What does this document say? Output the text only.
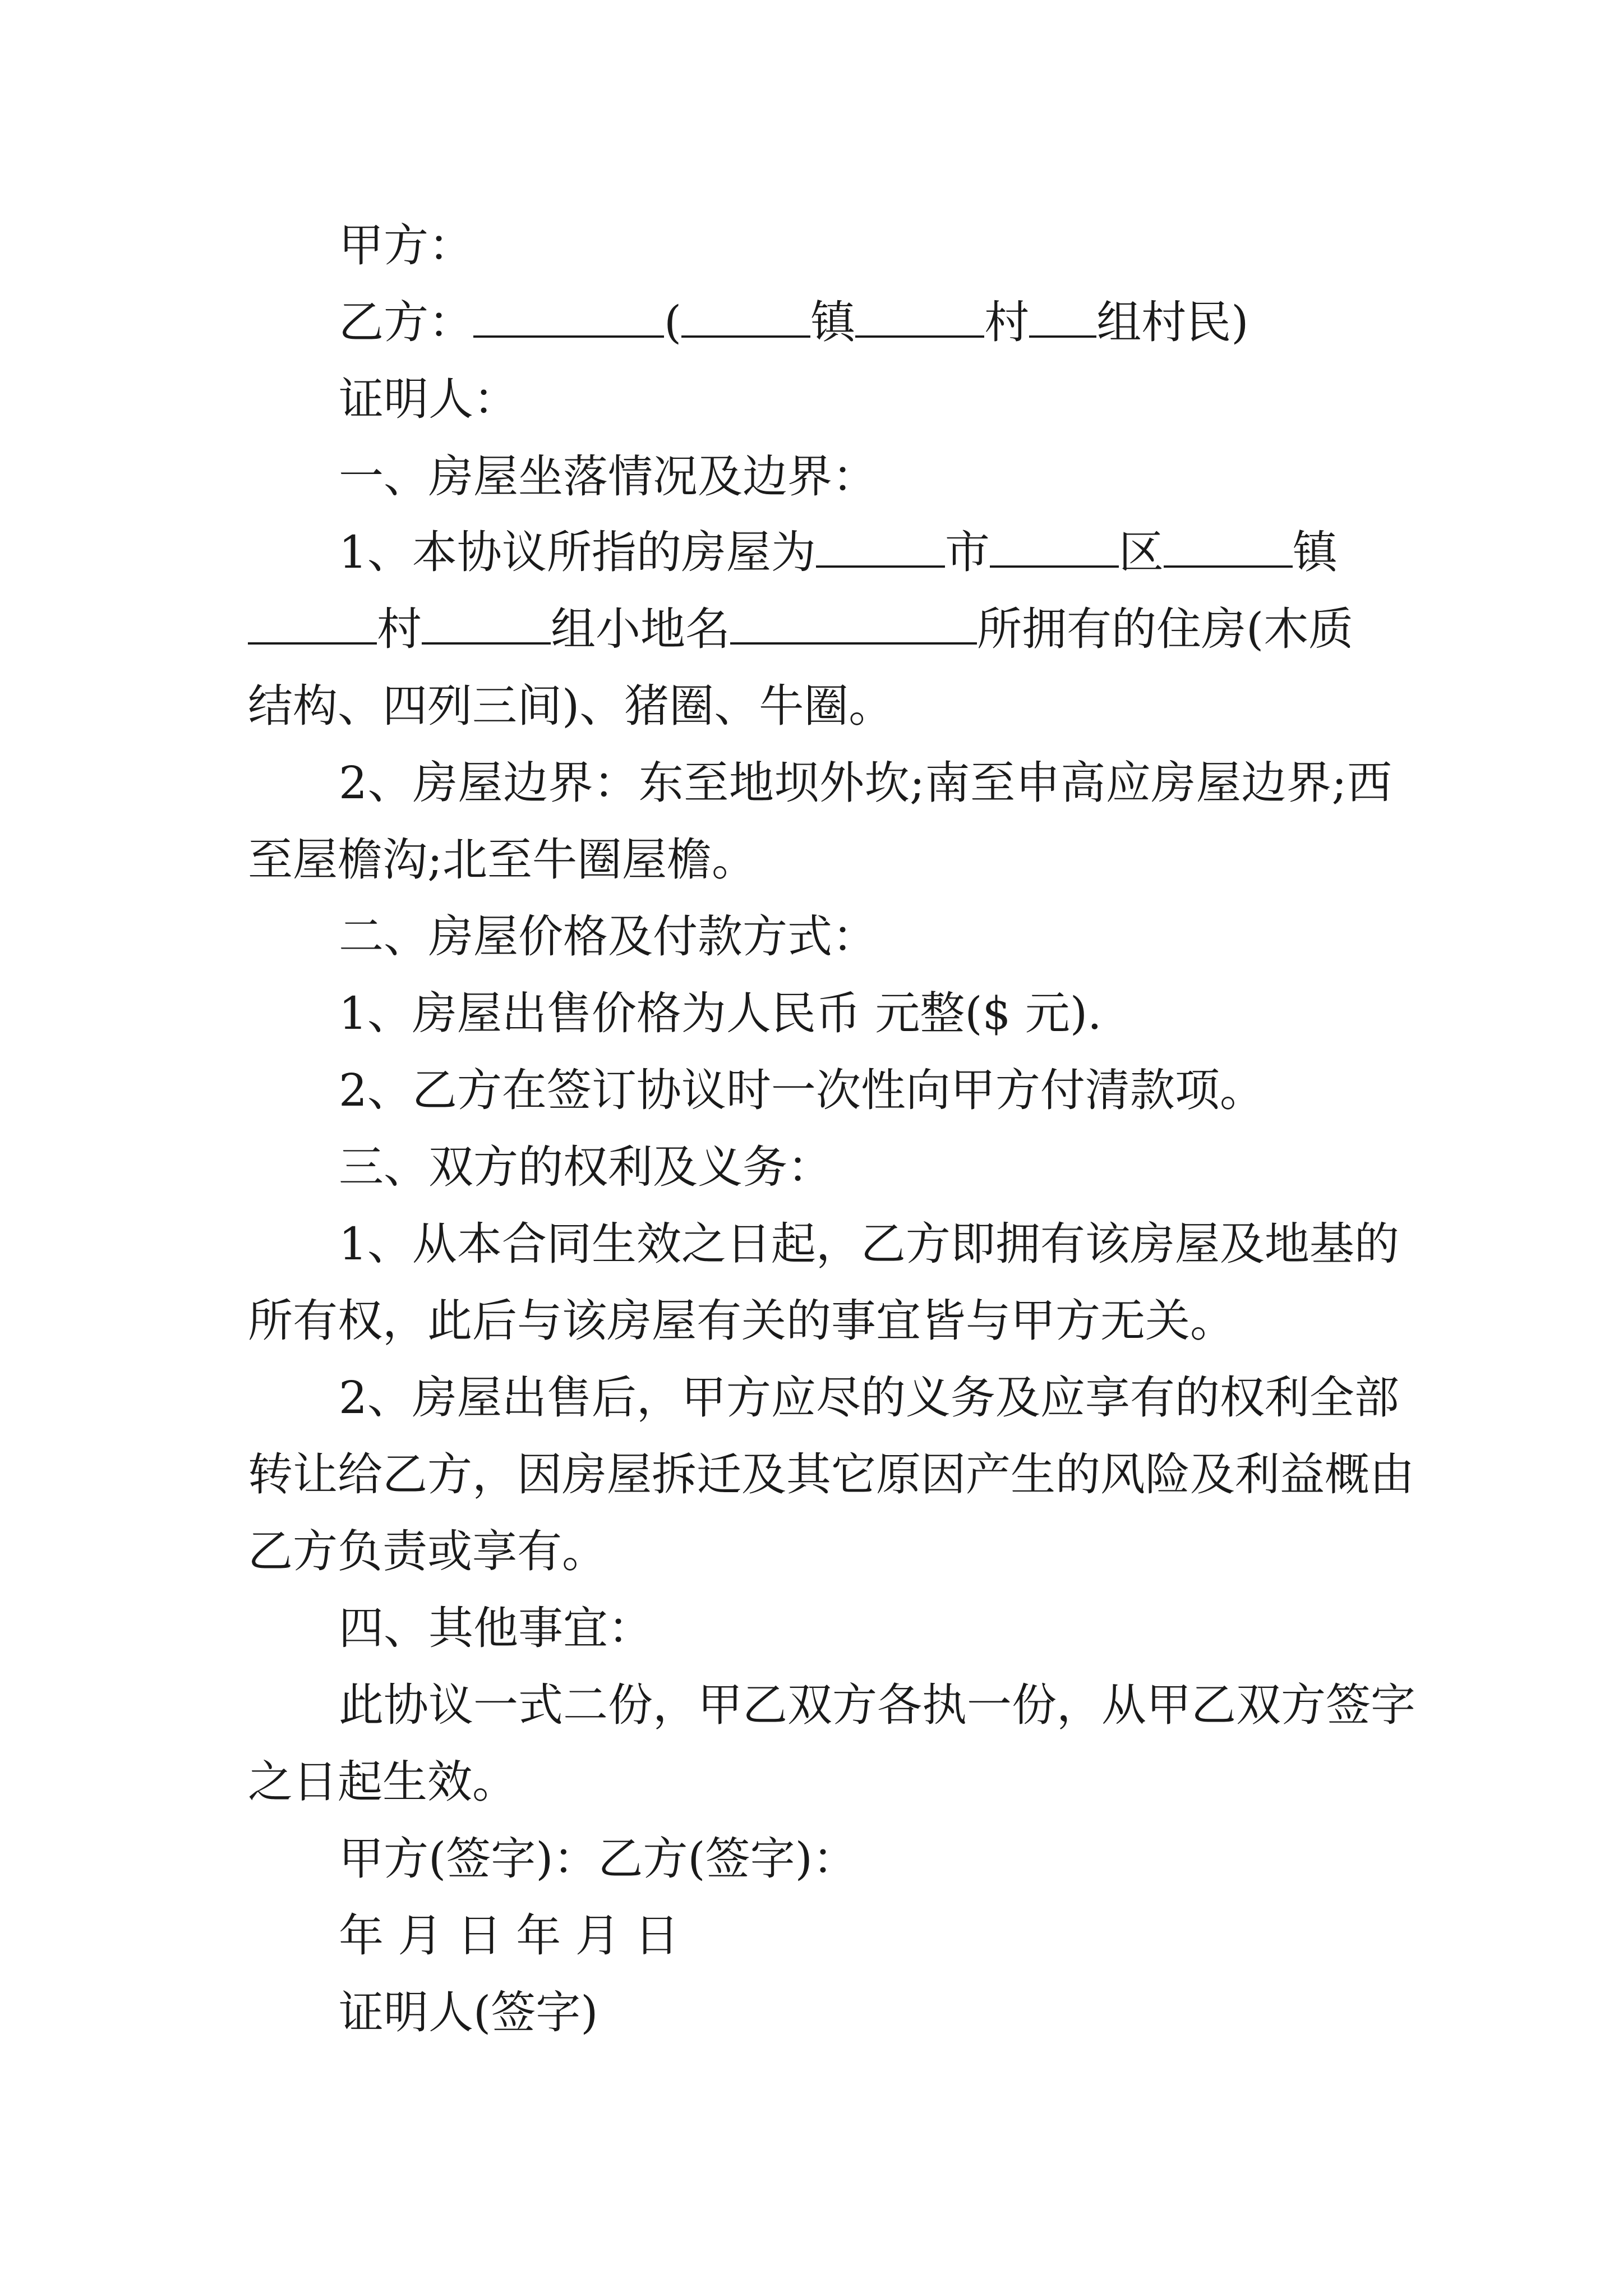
甲方：
乙方：	(	镇	村 组村民)
证明人：
一、房屋坐落情况及边界：
1、本协议所指的房屋为	市	区	镇
村	组小地名	所拥有的住房(木质
结构、四列三间)、猪圈、牛圈。
2、房屋边界：东至地坝外坎;南至申高应房屋边界;西
至屋檐沟;北至牛圈屋檐。
二、房屋价格及付款方式：
1、房屋出售价格为人民币 元整($ 元).
2、乙方在签订协议时一次性向甲方付清款项。
三、双方的权利及义务：
1、从本合同生效之日起，乙方即拥有该房屋及地基的
所有权，此后与该房屋有关的事宜皆与甲方无关。
2、房屋出售后，甲方应尽的义务及应享有的权利全部
转让给乙方，因房屋拆迁及其它原因产生的风险及利益概由
乙方负责或享有。
四、其他事宜：
此协议一式二份，甲乙双方各执一份，从甲乙双方签字
之日起生效。
甲方(签字)：乙方(签字)：
年 月 日 年 月 日
证明人(签字)
